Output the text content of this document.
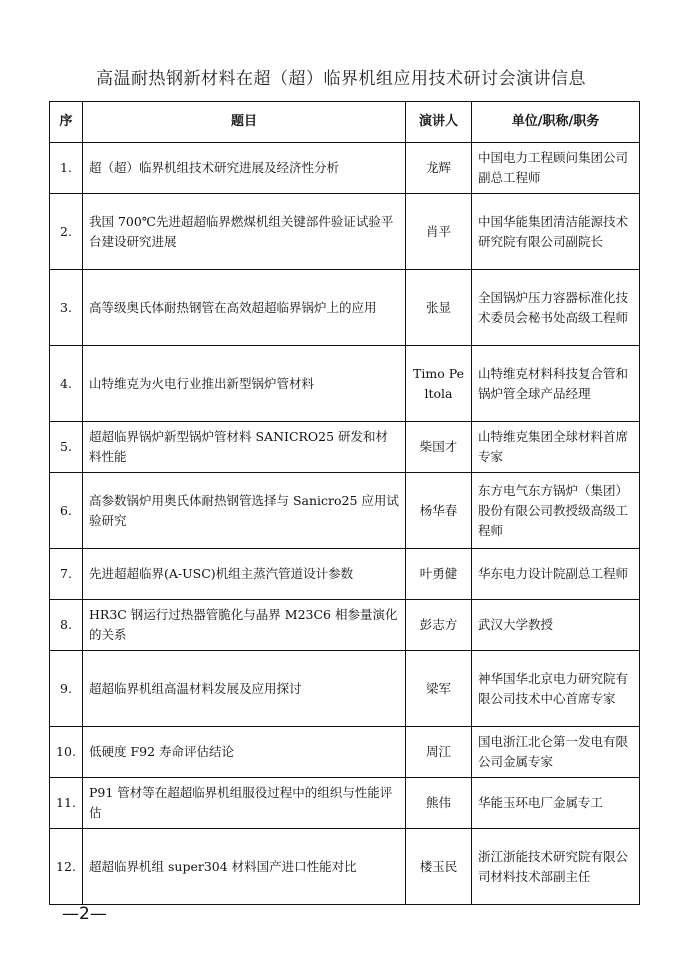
高温耐热钢新材料在超（超）临界机组应用技术研讨会演讲信息
序	题目	演讲人	单位/职称/职务
1.	超（超）临界机组技术研究进展及经济性分析	龙辉	中国电力工程顾问集团公司副总工程师
2.	我国 700℃先进超超临界燃煤机组关键部件验证试验平台建设研究进展	肖平	中国华能集团清洁能源技术研究院有限公司副院长
3.	高等级奥氏体耐热钢管在高效超超临界锅炉上的应用	张显	全国锅炉压力容器标准化技术委员会秘书处高级工程师
4.	山特维克为火电行业推出新型锅炉管材料	Timo Peltola	山特维克材料科技复合管和锅炉管全球产品经理
5.	超超临界锅炉新型锅炉管材料 SANICRO25 研发和材料性能	柴国才	山特维克集团全球材料首席专家
6.	高参数锅炉用奥氏体耐热钢管选择与 Sanicro25 应用试验研究	杨华春	东方电气东方锅炉（集团）股份有限公司教授级高级工程师
7.	先进超超临界(A-USC)机组主蒸汽管道设计参数	叶勇健	华东电力设计院副总工程师
8.	HR3C 钢运行过热器管脆化与晶界 M23C6 相参量演化的关系	彭志方	武汉大学教授
9.	超超临界机组高温材料发展及应用探讨	梁军	神华国华北京电力研究院有限公司技术中心首席专家
10.	低硬度 F92 寿命评估结论	周江	国电浙江北仑第一发电有限公司金属专家
11.	P91 管材等在超超临界机组服役过程中的组织与性能评估	熊伟	华能玉环电厂金属专工
12.	超超临界机组 super304 材料国产进口性能对比	楼玉民	浙江浙能技术研究院有限公司材料技术部副主任
—2—
